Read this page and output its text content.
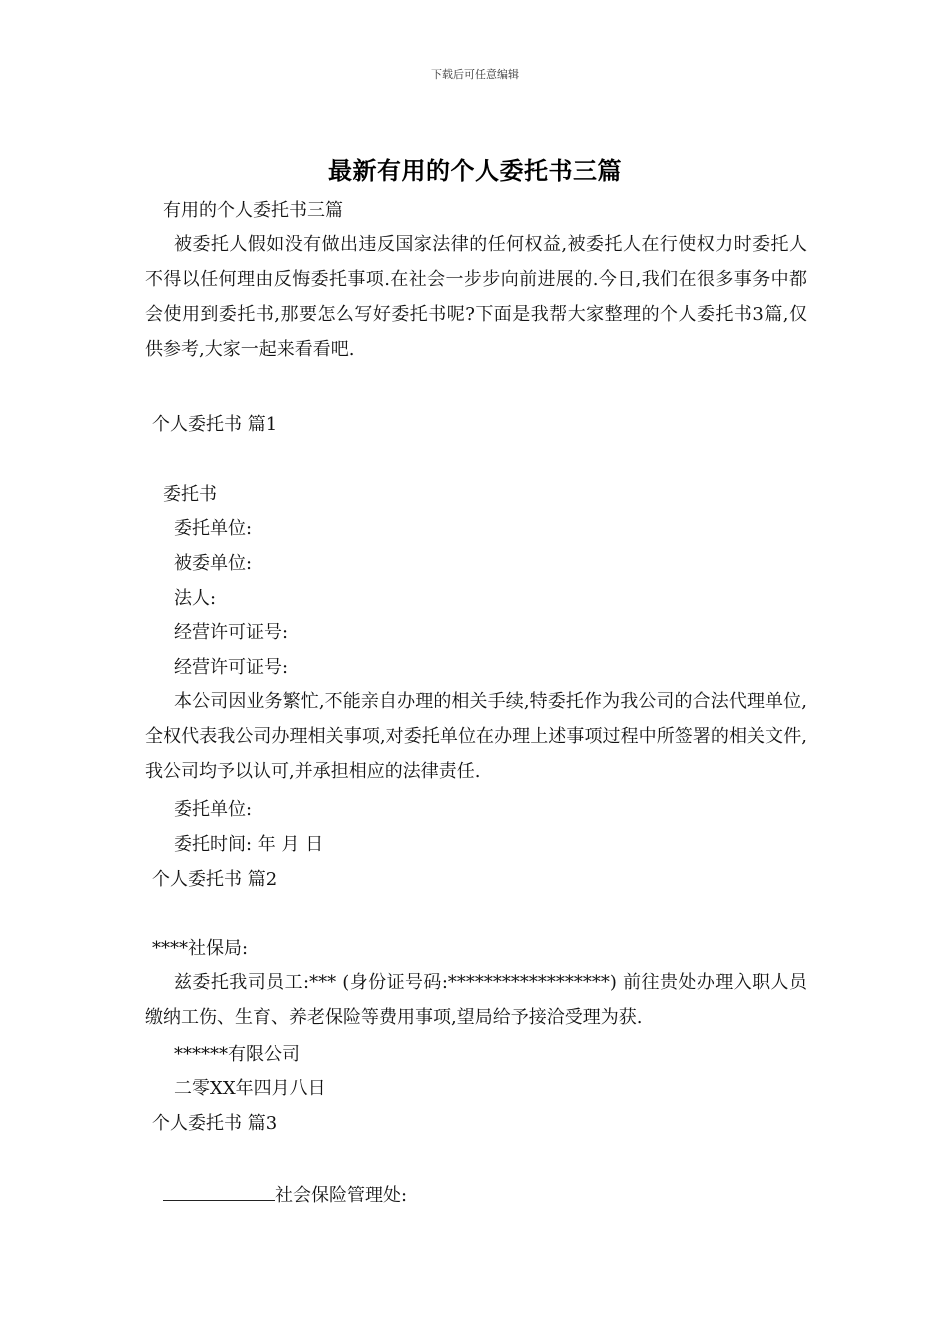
下载后可任意编辑
最新有用的个人委托书三篇
有用的个人委托书三篇
被委托人假如没有做出违反国家法律的任何权益,被委托人在行使权力时委托人不得以任何理由反悔委托事项.在社会一步步向前进展的.今日,我们在很多事务中都会使用到委托书,那要怎么写好委托书呢?下面是我帮大家整理的个人委托书3篇,仅供参考,大家一起来看看吧.
个人委托书 篇1
委托书
委托单位:
被委单位:
法人:
经营许可证号:
经营许可证号:
本公司因业务繁忙,不能亲自办理的相关手续,特委托作为我公司的合法代理单位,全权代表我公司办理相关事项,对委托单位在办理上述事项过程中所签署的相关文件,我公司均予以认可,并承担相应的法律责任.
委托单位:
委托时间: 年 月 日
个人委托书 篇2
****社保局:
兹委托我司员工:*** (身份证号码:******************) 前往贵处办理入职人员缴纳工伤、生育、养老保险等费用事项,望局给予接洽受理为获.
******有限公司
二零XX年四月八日
个人委托书 篇3
社会保险管理处:
